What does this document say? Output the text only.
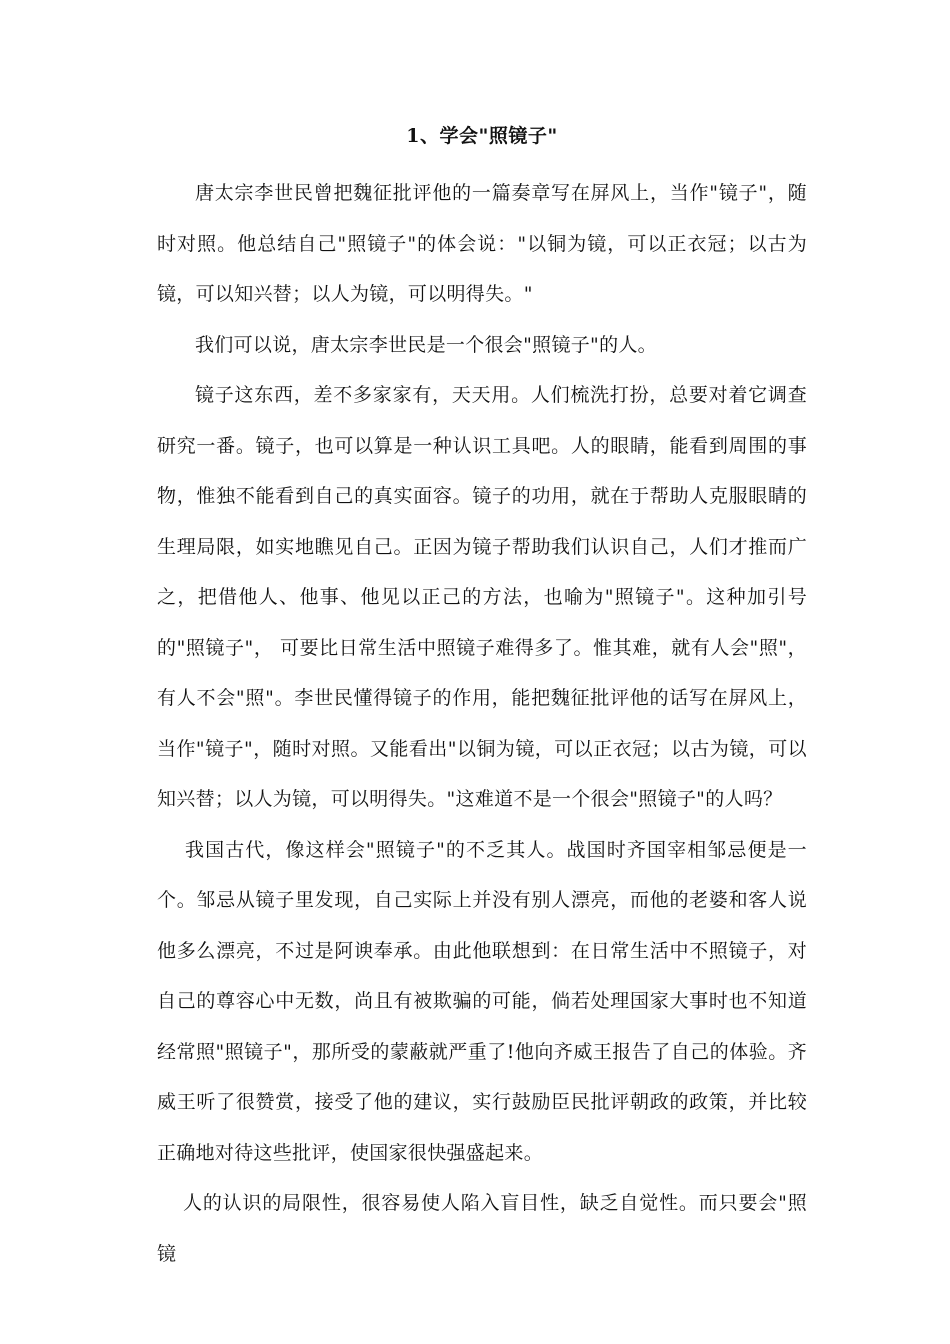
1、学会"照镜子"

唐太宗李世民曾把魏征批评他的一篇奏章写在屏风上，当作"镜子"，随时对照。他总结自己"照镜子"的体会说："以铜为镜，可以正衣冠；以古为镜，可以知兴替；以人为镜，可以明得失。"

我们可以说，唐太宗李世民是一个很会"照镜子"的人。

镜子这东西，差不多家家有，天天用。人们梳洗打扮，总要对着它调查研究一番。镜子，也可以算是一种认识工具吧。人的眼睛，能看到周围的事物，惟独不能看到自己的真实面容。镜子的功用，就在于帮助人克服眼睛的生理局限，如实地瞧见自己。正因为镜子帮助我们认识自己，人们才推而广之，把借他人、他事、他见以正己的方法，也喻为"照镜子"。这种加引号的"照镜子"， 可要比日常生活中照镜子难得多了。惟其难，就有人会"照"，有人不会"照"。李世民懂得镜子的作用，能把魏征批评他的话写在屏风上，当作"镜子"，随时对照。又能看出"以铜为镜，可以正衣冠；以古为镜，可以知兴替；以人为镜，可以明得失。"这难道不是一个很会"照镜子"的人吗？

我国古代，像这样会"照镜子"的不乏其人。战国时齐国宰相邹忌便是一个。邹忌从镜子里发现，自己实际上并没有别人漂亮，而他的老婆和客人说他多么漂亮，不过是阿谀奉承。由此他联想到：在日常生活中不照镜子，对自己的尊容心中无数，尚且有被欺骗的可能，倘若处理国家大事时也不知道经常照"照镜子"，那所受的蒙蔽就严重了!他向齐威王报告了自己的体验。齐威王听了很赞赏，接受了他的建议，实行鼓励臣民批评朝政的政策，并比较正确地对待这些批评，使国家很快强盛起来。

人的认识的局限性，很容易使人陷入盲目性，缺乏自觉性。而只要会"照镜
